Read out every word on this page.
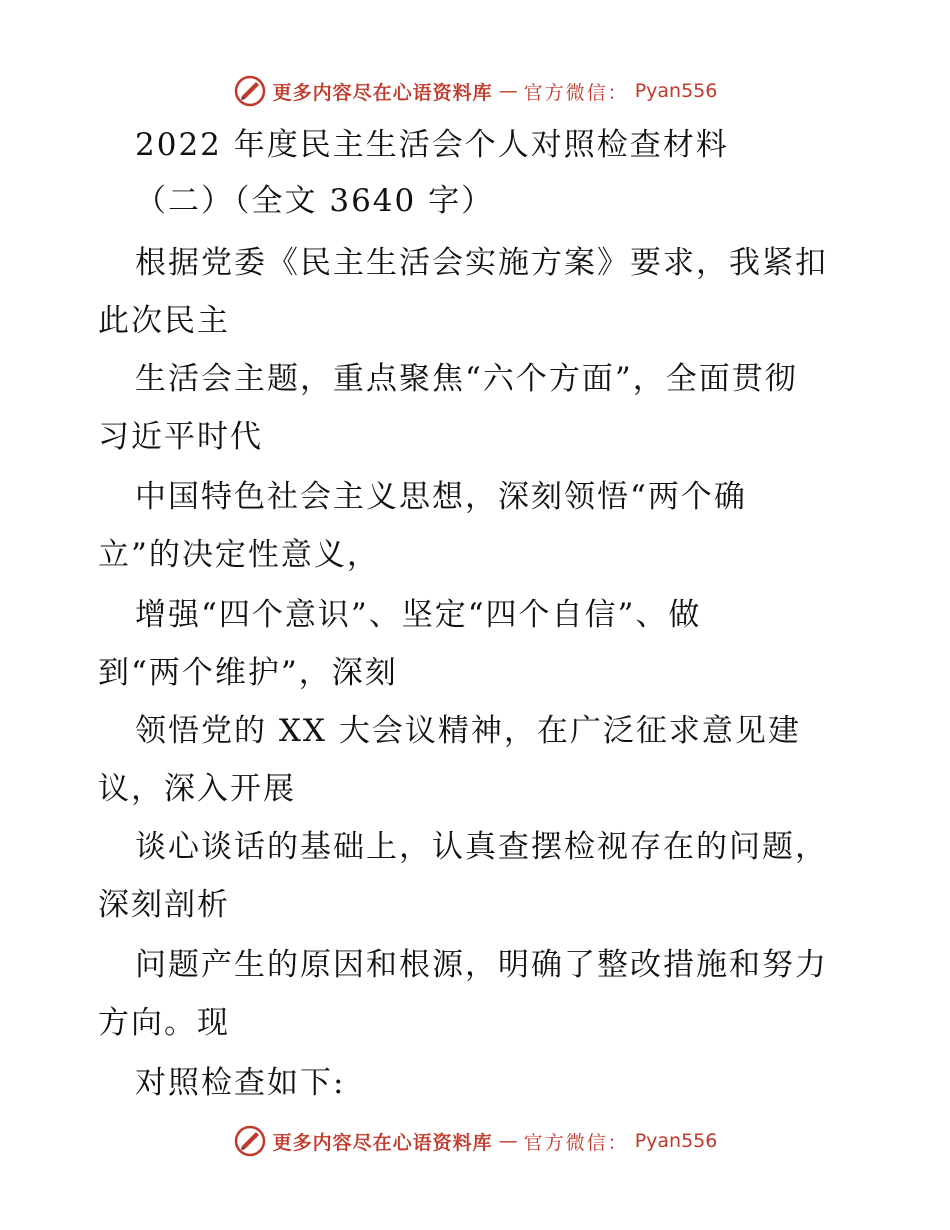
更多内容尽在心语资料库 — 官方微信： Pyan556
2022 年度民主生活会个人对照检查材料
（二）（全文 3640 字）
根据党委《民主生活会实施方案》要求，我紧扣
此次民主
生活会主题，重点聚焦“六个方面”，全面贯彻
习近平时代
中国特色社会主义思想，深刻领悟“两个确
立”的决定性意义，
增强“四个意识”、坚定“四个自信”、做
到“两个维护”，深刻
领悟党的 XX 大会议精神，在广泛征求意见建
议，深入开展
谈心谈话的基础上，认真查摆检视存在的问题，
深刻剖析
问题产生的原因和根源，明确了整改措施和努力
方向。现
对照检查如下:
更多内容尽在心语资料库 — 官方微信： Pyan556
